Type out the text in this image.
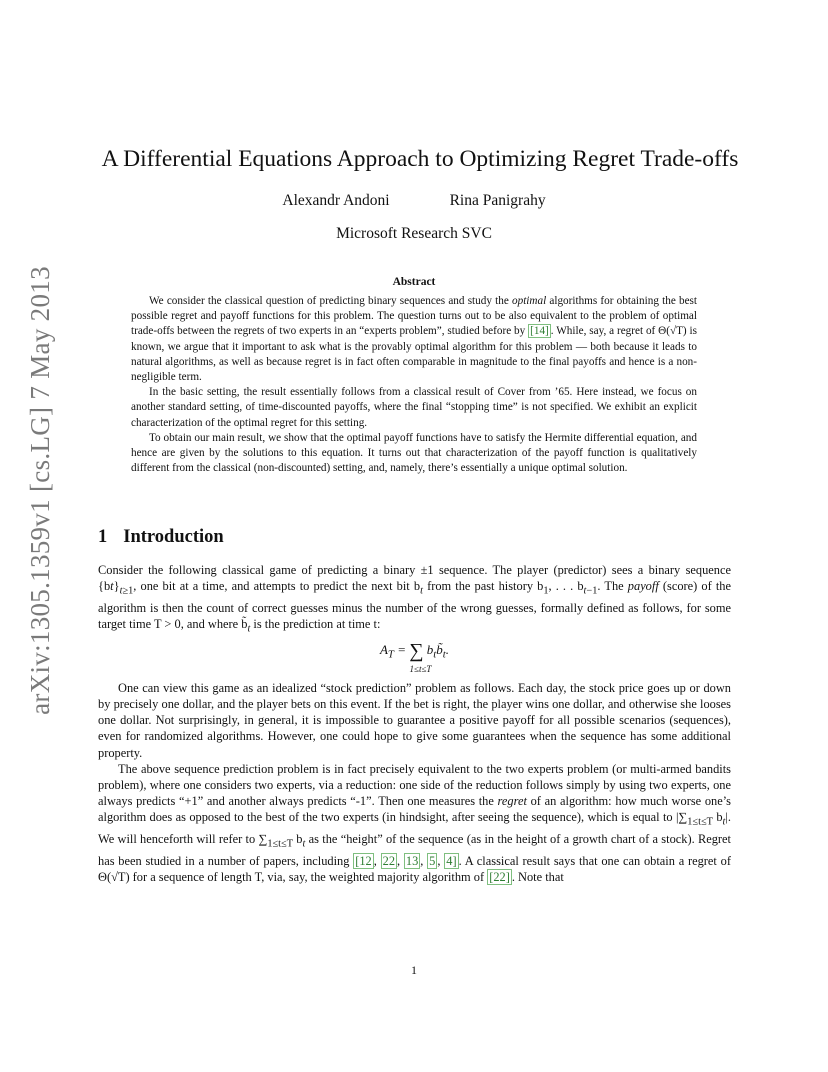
arXiv:1305.1359v1 [cs.LG] 7 May 2013
A Differential Equations Approach to Optimizing Regret Trade-offs
Alexandr Andoni	Rina Panigrahy
Microsoft Research SVC
Abstract

We consider the classical question of predicting binary sequences and study the optimal algorithms for obtaining the best possible regret and payoff functions for this problem. The question turns out to be also equivalent to the problem of optimal trade-offs between the regrets of two experts in an “experts problem”, studied before by [14] . While, say, a regret of Θ(√T) is known, we argue that it important to ask what is the provably optimal algorithm for this problem — both because it leads to natural algorithms, as well as because regret is in fact often comparable in magnitude to the final payoffs and hence is a non-negligible term.

In the basic setting, the result essentially follows from a classical result of Cover from ’65. Here instead, we focus on another standard setting, of time-discounted payoffs, where the final “stopping time” is not specified. We exhibit an explicit characterization of the optimal regret for this setting.

To obtain our main result, we show that the optimal payoff functions have to satisfy the Hermite differential equation, and hence are given by the solutions to this equation. It turns out that characterization of the payoff function is qualitatively different from the classical (non-discounted) setting, and, namely, there’s essentially a unique optimal solution.

1 Introduction

Consider the following classical game of predicting a binary ±1 sequence. The player (predictor) sees a binary sequence $\{bt\}_{t\ge 1}$, one bit at a time, and attempts to predict the next bit $b_t$ from the past history $b_1$, . . . $b_{t-1}$. The payoff (score) of the algorithm is then the count of correct guesses minus the number of the wrong guesses, formally defined as follows, for some target time T > 0, and where $b̃_t$ is the prediction at time t:

$A_T$ = ∑ $b_tb̃_t$.
1≤t≤T

One can view this game as an idealized “stock prediction” problem as follows. Each day, the stock price goes up or down by precisely one dollar, and the player bets on this event. If the bet is right, the player wins one dollar, and otherwise she looses one dollar. Not surprisingly, in general, it is impossible to guarantee a positive payoff for all possible scenarios (sequences), even for randomized algorithms. However, one could hope to give some guarantees when the sequence has some additional property.

The above sequence prediction problem is in fact precisely equivalent to the two experts problem (or multi-armed bandits problem), where one considers two experts, via a reduction: one side of the reduction follows simply by using two experts, one always predicts “+1” and another always predicts “-1”. Then one measures the regret of an algorithm: how much worse one’s algorithm does as opposed to the best of the two experts (in hindsight, after seeing the sequence), which is equal to $|\sum_{1\le t\le T}$ $b_t|$. We will henceforth will refer to $\sum_{1\le t\le T}$ $b_t$ as the “height” of the sequence (as in the height of a growth chart of a stock). Regret has been studied in a number of papers, including [12 , 22 , 13 , 5 , 4] . A classical result says that one can obtain a regret of Θ(√T) for a sequence of length T, via, say, the weighted majority algorithm of [22] . Note that

1
